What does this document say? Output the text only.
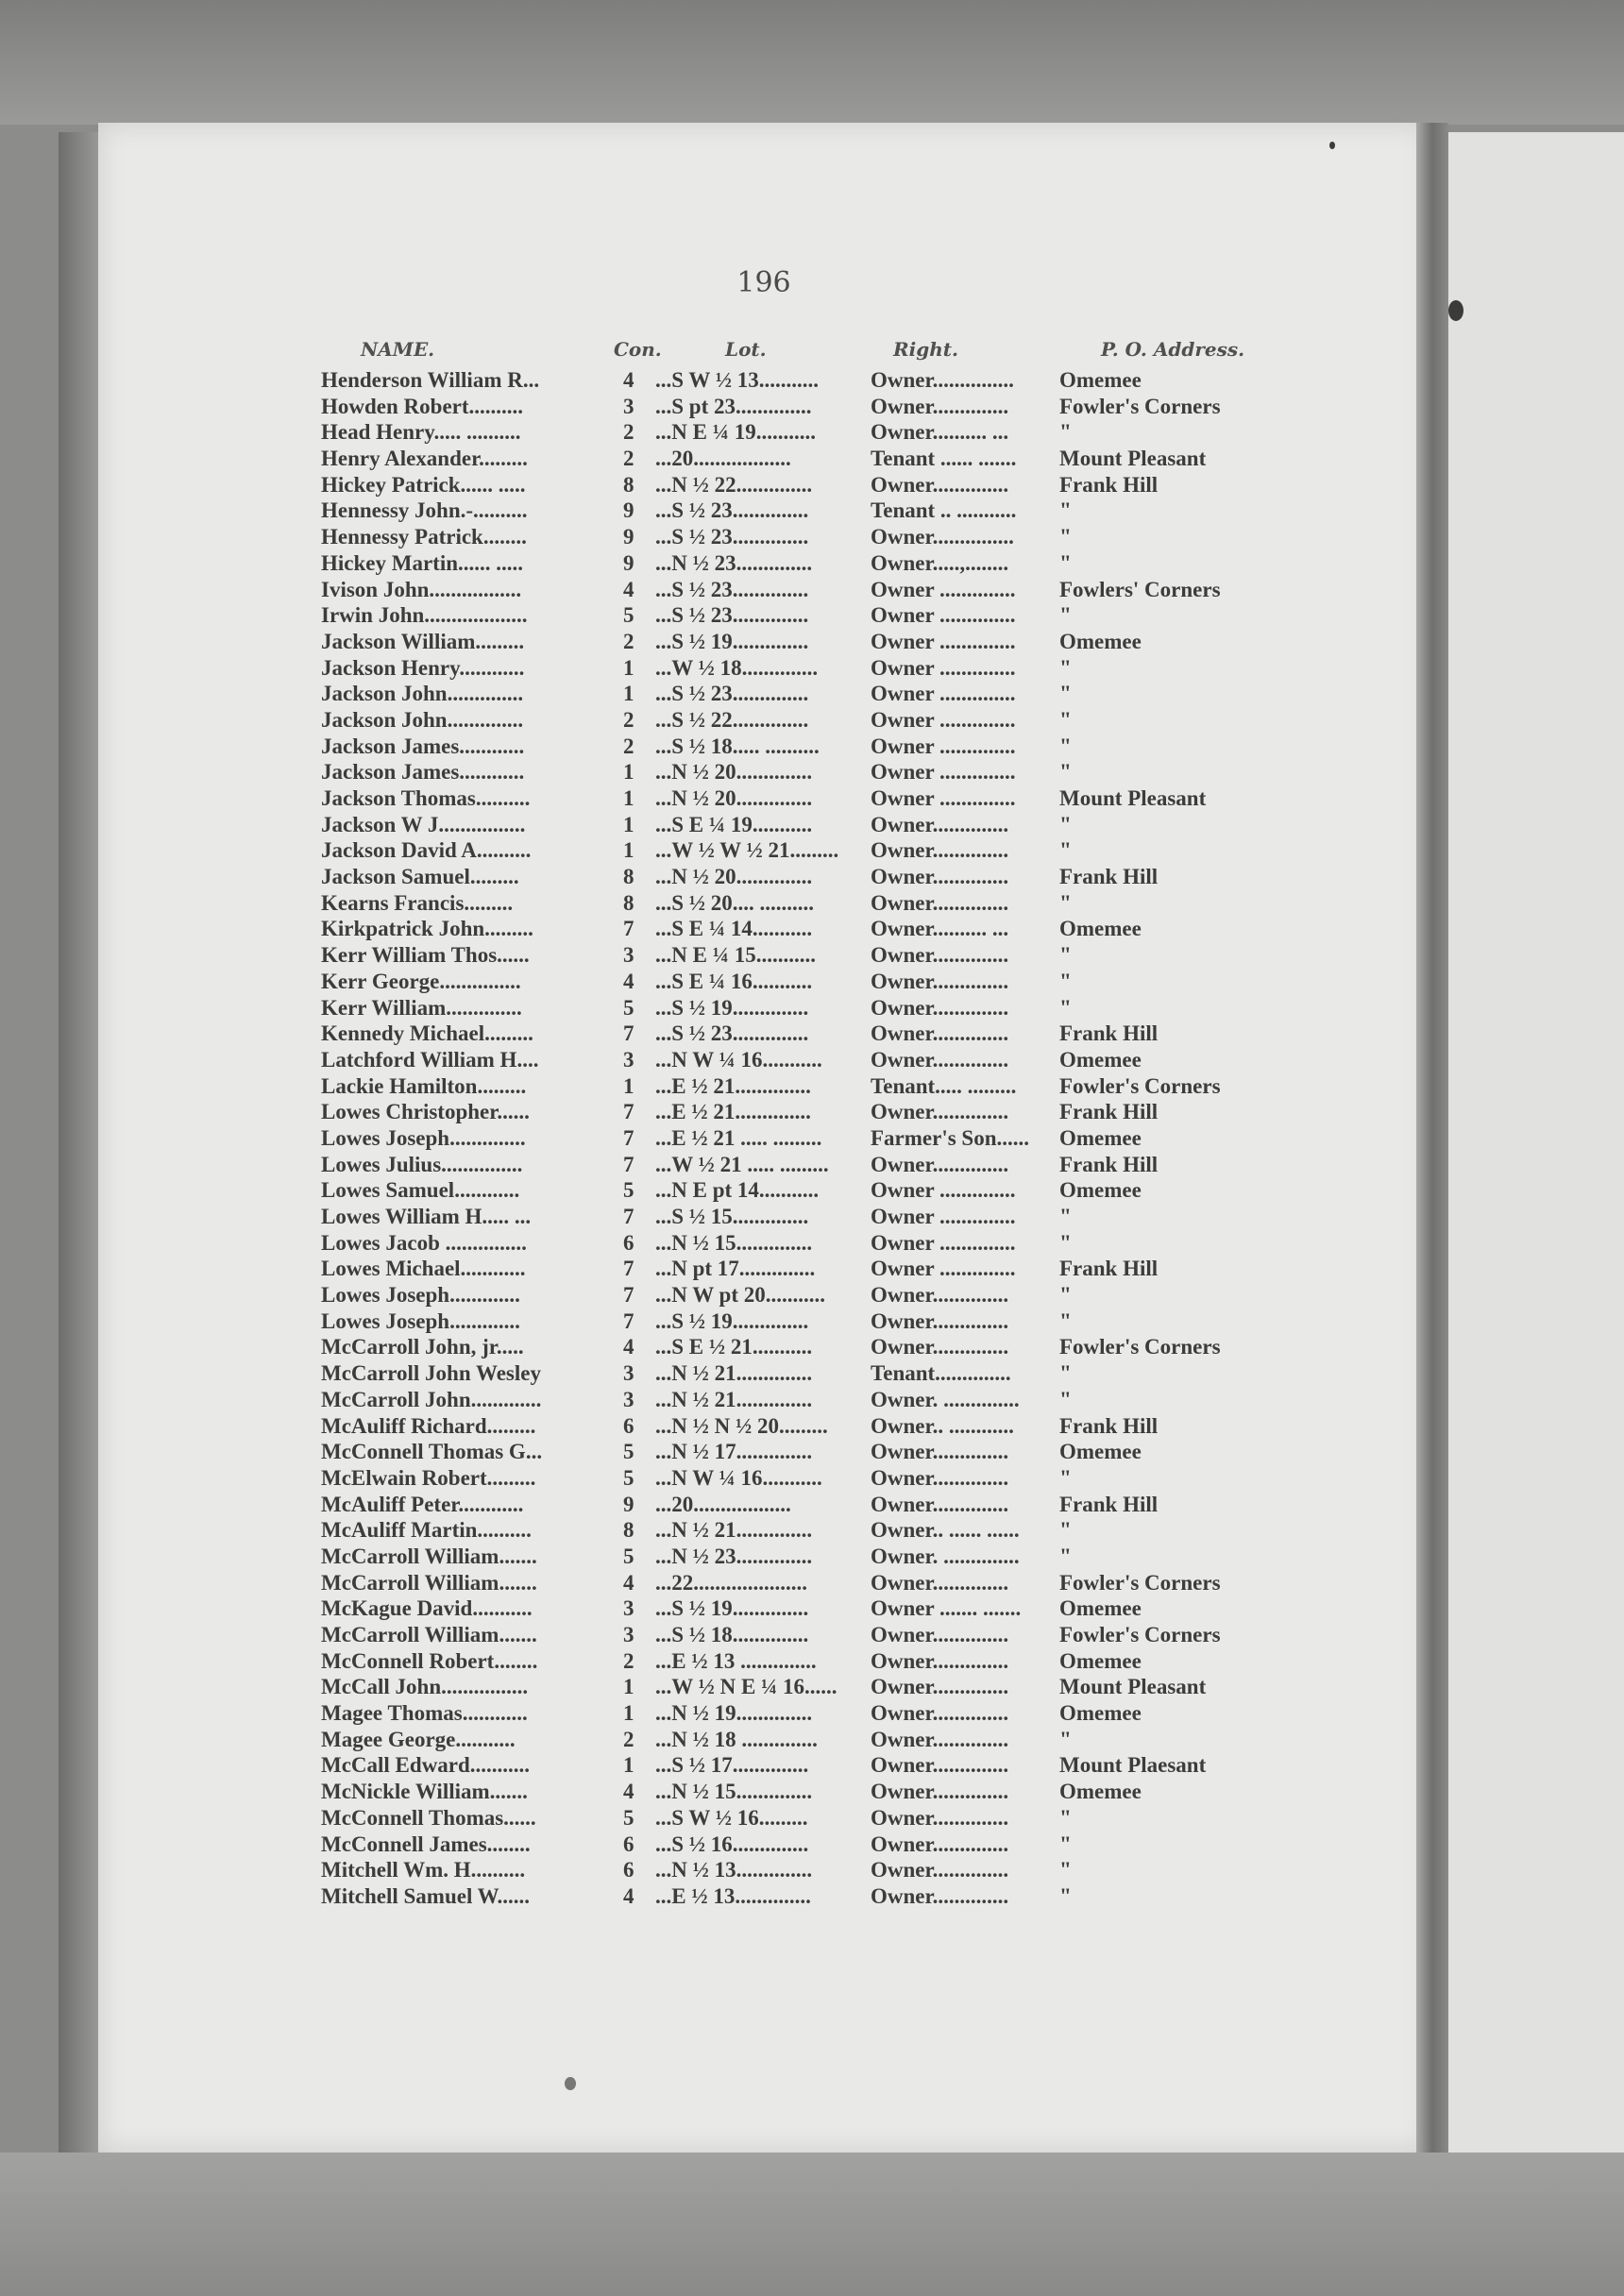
196
NAME.	Con.	Lot.	Right.	P. O. Address.
Henderson William R...	4 ...S W ½ 13........... Owner............... Omemee
Howden Robert..........	3 ...S pt 23..............	Owner.............. Fowler's Corners
Head Henry..... ..........	2 ...N E ¼ 19...........	Owner.......... ... "
Henry Alexander.........	2 ...20..................	Tenant ...... ....... Mount Pleasant
Hickey Patrick...... .....	8 ...N ½ 22..............	Owner.............. Frank Hill
Hennessy John.-..........	9 ...S ½ 23..............	Tenant .. ........... "
Hennessy Patrick........	9 ...S ½ 23..............	Owner............... "
Hickey Martin...... .....	9 ...N ½ 23..............	Owner.....,........ "
Ivison John.................	4 ...S ½ 23..............	Owner .............. Fowlers' Corners
Irwin John...................	5 ...S ½ 23..............	Owner .............. "
Jackson William.........	2 ...S ½ 19..............	Owner .............. Omemee
Jackson Henry............	1 ...W ½ 18.............. Owner .............. "
Jackson John..............	1 ...S ½ 23..............	Owner .............. "
Jackson John..............	2 ...S ½ 22..............	Owner .............. "
Jackson James............	2 ...S ½ 18..... .......... Owner .............. "
Jackson James............	1 ...N ½ 20..............	Owner .............. "
Jackson Thomas..........	1 ...N ½ 20..............	Owner .............. Mount Pleasant
Jackson W J................	1 ...S E ¼ 19...........	Owner.............. "
Jackson David A..........	1 ...W ½ W ½ 21......... Owner.............. "
Jackson Samuel.........	8 ...N ½ 20..............	Owner.............. Frank Hill
Kearns Francis.........	8 ...S ½ 20.... ..........	Owner.............. "
Kirkpatrick John.........	7 ...S E ¼ 14...........	Owner.......... ... Omemee
Kerr William Thos......	3 ...N E ¼ 15...........	Owner.............. "
Kerr George...............	4 ...S E ¼ 16...........	Owner.............. "
Kerr William..............	5 ...S ½ 19..............	Owner.............. "
Kennedy Michael.........	7 ...S ½ 23..............	Owner.............. Frank Hill
Latchford William H....	3 ...N W ¼ 16........... Owner.............. Omemee
Lackie Hamilton.........	1 ...E ½ 21..............	Tenant..... ......... Fowler's Corners
Lowes Christopher......	7 ...E ½ 21..............	Owner.............. Frank Hill
Lowes Joseph..............	7 ...E ½ 21 ..... ......... Farmer's Son...... Omemee
Lowes Julius...............	7 ...W ½ 21 ..... ......... Owner.............. Frank Hill
Lowes Samuel............	5 ...N E pt 14........... Owner .............. Omemee
Lowes William H..... ...	7 ...S ½ 15..............	Owner .............. "
Lowes Jacob ...............	6 ...N ½ 15..............	Owner .............. "
Lowes Michael............	7 ...N pt 17..............	Owner .............. Frank Hill
Lowes Joseph.............	7 ...N W pt 20........... Owner.............. "
Lowes Joseph.............	7 ...S ½ 19..............	Owner.............. "
McCarroll John, jr.....	4 ...S E ½ 21...........	Owner.............. Fowler's Corners
McCarroll John Wesley	3 ...N ½ 21..............	Tenant.............. "
McCarroll John.............	3 ...N ½ 21..............	Owner. .............. "
McAuliff Richard.........	6 ...N ½ N ½ 20......... Owner.. ............ Frank Hill
McConnell Thomas G...	5 ...N ½ 17..............	Owner.............. Omemee
McElwain Robert.........	5 ...N W ¼ 16........... Owner.............. "
McAuliff Peter............	9 ...20..................	Owner.............. Frank Hill
McAuliff Martin..........	8 ...N ½ 21..............	Owner.. ...... ...... "
McCarroll William.......	5 ...N ½ 23..............	Owner. .............. "
McCarroll William.......	4 ...22.....................	Owner.............. Fowler's Corners
McKague David...........	3 ...S ½ 19..............	Owner ....... ....... Omemee
McCarroll William.......	3 ...S ½ 18..............	Owner.............. Fowler's Corners
McConnell Robert........	2 ...E ½ 13 .............. Owner.............. Omemee
McCall John................	1 ...W ½ N E ¼ 16...... Owner.............. Mount Pleasant
Magee Thomas............	1 ...N ½ 19..............	Owner.............. Omemee
Magee George...........	2 ...N ½ 18 .............. Owner.............. "
McCall Edward...........	1 ...S ½ 17..............	Owner.............. Mount Plaesant
McNickle William.......	4 ...N ½ 15..............	Owner.............. Omemee
McConnell Thomas......	5 ...S W ½ 16.........	Owner.............. "
McConnell James........	6 ...S ½ 16..............	Owner.............. "
Mitchell Wm. H..........	6 ...N ½ 13..............	Owner.............. "
Mitchell Samuel W......	4 ...E ½ 13..............	Owner.............. "
